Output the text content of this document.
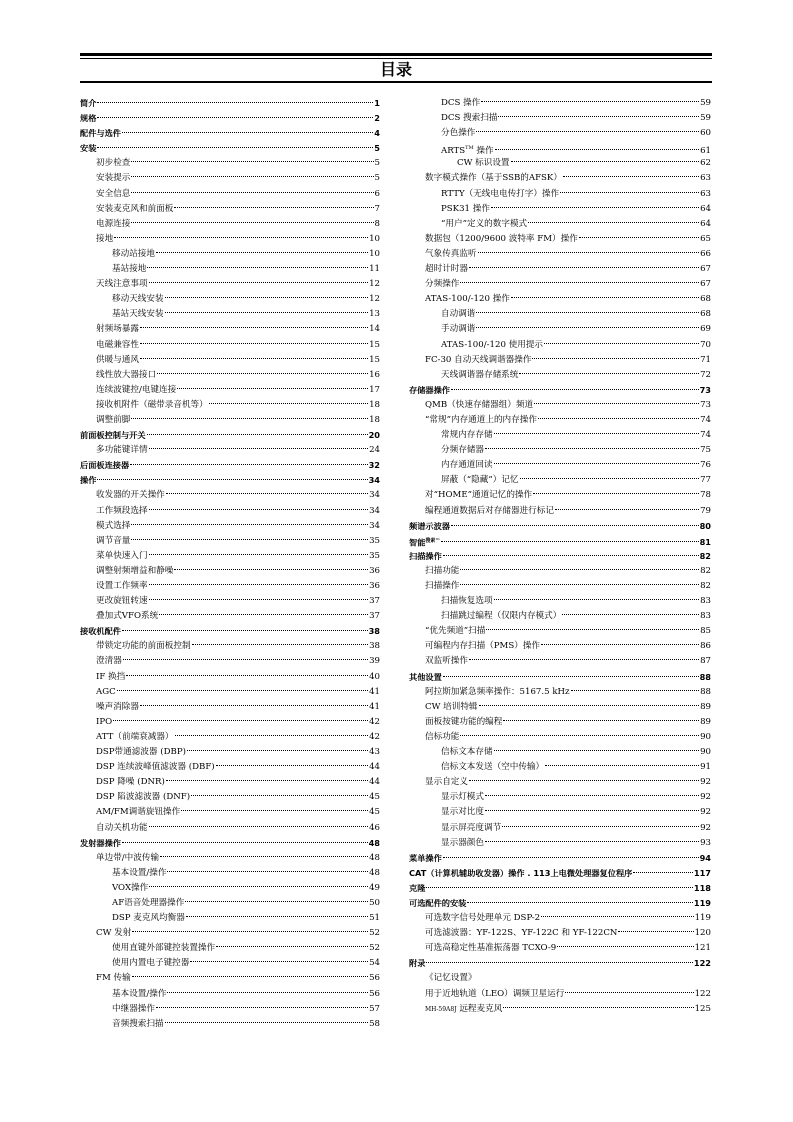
目录
简介	1
规格	2
配件与选件	4
安装	5
初步检查	5
安装提示	5
安全信息	6
安装麦克风和前面板	7
电源连接	8
接地	10
移动站接地	10
基站接地	11
天线注意事项	12
移动天线安装	12
基站天线安装	13
射频场暴露	14
电磁兼容性	15
供暖与通风	15
线性放大器接口	16
连续波键控/电键连接	17
接收机附件（磁带录音机等）	18
调整前脚	18
前面板控制与开关	20
多功能键详情	24
后面板连接器	32
操作	34
收发器的开关操作	34
工作频段选择	34
模式选择	34
调节音量	35
菜单快速入门	35
调整射频增益和静噪	36
设置工作频率	36
更改旋钮转速	37
叠加式VFO系统	37
接收机配件	38
带锁定功能的前面板控制	38
澄清器	39
IF 换挡	40
AGC	41
噪声消除器	41
IPO	42
ATT（前端衰减器）	42
DSP带通滤波器 (DBP)	43
DSP 连续波峰值滤波器 (DBF)	44
DSP 降噪 (DNR)	44
DSP 陷波滤波器 (DNF)	45
AM/FM调谐旋钮操作	45
自动关机功能	46
发射器操作	48
单边带/中波传输	48
基本设置/操作	48
VOX操作	49
AF语音处理器操作	50
DSP 麦克风均衡器	51
CW 发射	52
使用直键外部键控装置操作	52
使用内置电子键控器	54
FM 传输	56
基本设置/操作	56
中继器操作	57
音频搜索扫描	58
DCS 操作	59
DCS 搜索扫描	59
分色操作	60
ARTS™ 操作	61
CW 标识设置	62
数字模式操作（基于SSB的AFSK）	63
RTTY（无线电电传打字）操作	63
PSK31 操作	64
“用户”定义的数字模式	64
数据包（1200/9600 波特率 FM）操作	65
气象传真监听	66
超时计时器	67
分频操作	67
ATAS-100/-120 操作	68
自动调谐	68
手动调谐	69
ATAS-100/-120 使用提示	70
FC-30 自动天线调谐器操作	71
天线调谐器存储系统	72
存储器操作	73
QMB（快速存储器组）频道	73
“常规”内存通道上的内存操作	74
常规内存存储	74
分频存储器	75
内存通道回读	76
屏蔽（“隐藏”）记忆	77
对“HOME”通道记忆的操作	78
编程通道数据后对存储器进行标记	79
频谱示波器	80
智能$^{搜索™}$	81
扫描操作	82
扫描功能	82
扫描操作	82
扫描恢复选项	83
扫描跳过编程（仅限内存模式）	83
“优先频道”扫描	85
可编程内存扫描（PMS）操作	86
双监听操作	87
其他设置	88
阿拉斯加紧急频率操作：5167.5 kHz	88
CW 培训特辑	89
面板按键功能的编程	89
信标功能	90
信标文本存储	90
信标文本发送（空中传输）	91
显示自定义	92
显示灯模式	92
显示对比度	92
显示屏亮度调节	92
显示器颜色	93
菜单操作	94
CAT（计算机辅助收发器）操作 . 113上电微处理器复位程序	117
克隆	118
可选配件的安装	119
可选数字信号处理单元 DSP-2	119
可选滤波器：YF-122S、YF-122C 和 YF-122CN	120
可选高稳定性基准振荡器 TCXO-9	121
附录	122
《记忆设置》
用于近地轨道（LEO）调频卫星运行	122
MH-59A8J 远程麦克风	125
